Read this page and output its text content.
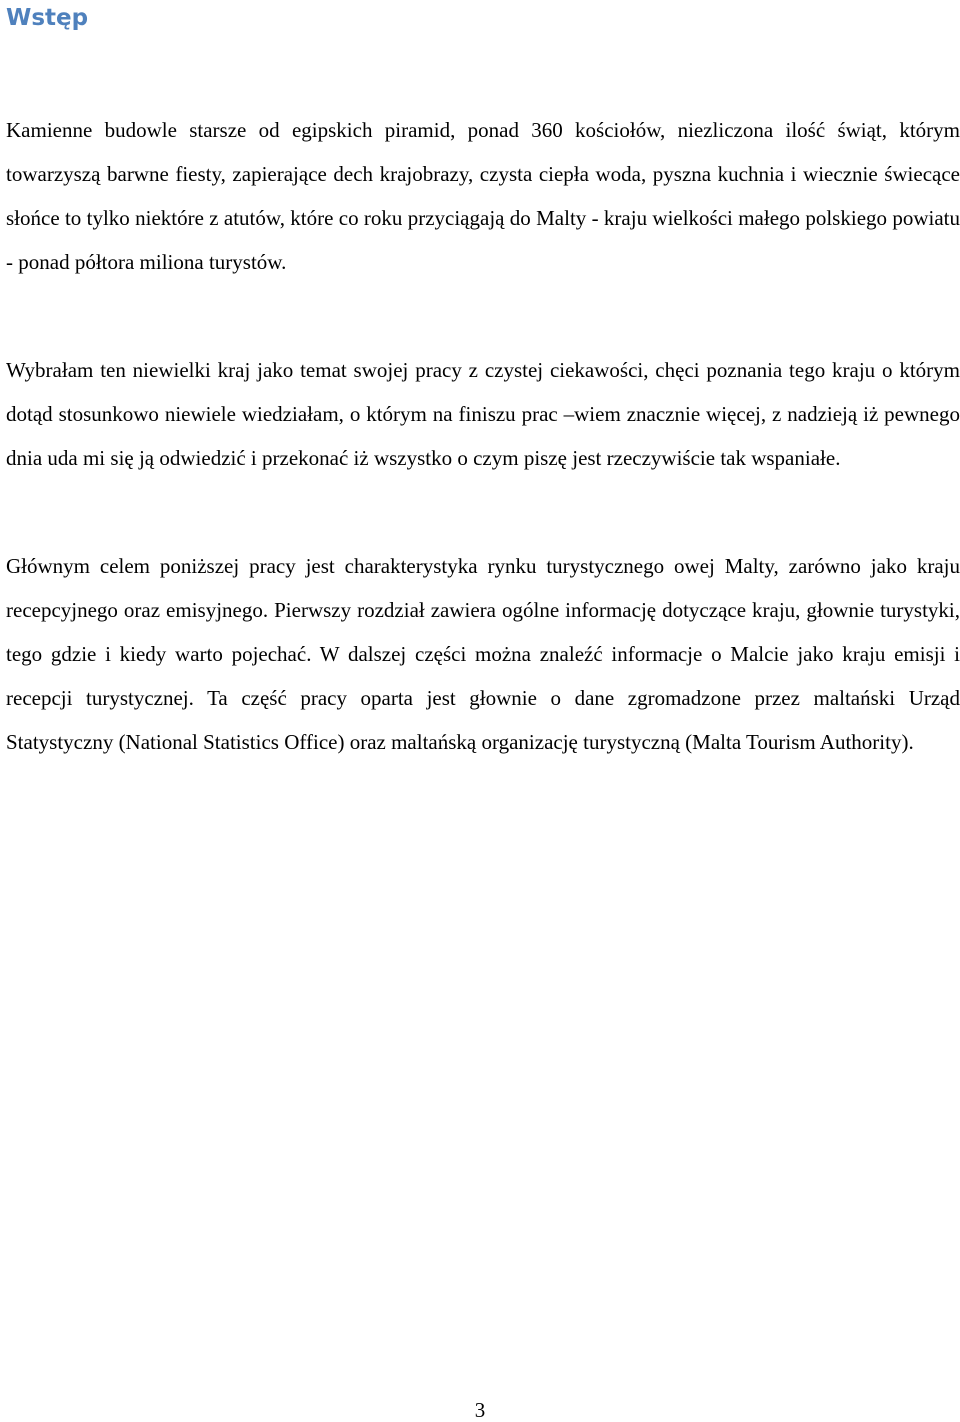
Wstęp

Kamienne budowle starsze od egipskich piramid, ponad 360 kościołów, niezliczona ilość świąt, którym towarzyszą barwne fiesty, zapierające dech krajobrazy, czysta ciepła woda, pyszna kuchnia i wiecznie świecące słońce to tylko niektóre z atutów, które co roku przyciągają do Malty - kraju wielkości małego polskiego powiatu - ponad półtora miliona turystów.

Wybrałam ten niewielki kraj jako temat swojej pracy z czystej ciekawości, chęci poznania tego kraju o którym dotąd stosunkowo niewiele wiedziałam, o którym na finiszu prac –wiem znacznie więcej, z nadzieją iż pewnego dnia uda mi się ją odwiedzić i przekonać iż wszystko o czym piszę jest rzeczywiście tak wspaniałe.

Głównym celem poniższej pracy jest charakterystyka rynku turystycznego owej Malty, zarówno jako kraju recepcyjnego oraz emisyjnego. Pierwszy rozdział zawiera ogólne informację dotyczące kraju, głownie turystyki, tego gdzie i kiedy warto pojechać. W dalszej części można znaleźć informacje o Malcie jako kraju emisji i recepcji turystycznej. Ta część pracy oparta jest głownie o dane zgromadzone przez maltański Urząd Statystyczny (National Statistics Office) oraz maltańską organizację turystyczną (Malta Tourism Authority).

3
